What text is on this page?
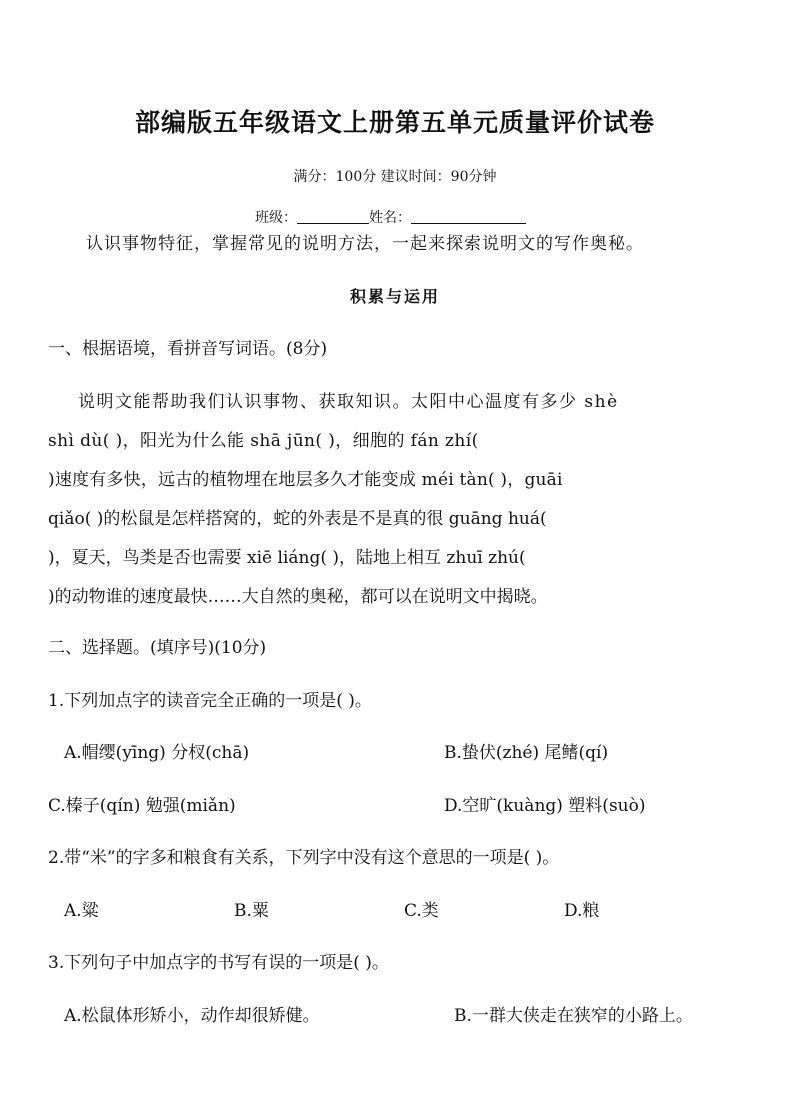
部编版五年级语文上册第五单元质量评价试卷
满分：100分 建议时间：90分钟
班级：	姓名：
认识事物特征，掌握常见的说明方法，一起来探索说明文的写作奥秘。
积累与运用
一、根据语境，看拼音写词语。(8分)
说明文能帮助我们认识事物、获取知识。太阳中心温度有多少 shè
shì dù( )，阳光为什么能 shā jūn( )，细胞的 fán zhí(
)速度有多快，远古的植物埋在地层多久才能变成 méi tàn( )，guāi
qiǎo( )的松鼠是怎样搭窝的，蛇的外表是不是真的很 guāng huá(
)，夏天，鸟类是否也需要 xiē liáng( )，陆地上相互 zhuī zhú(
)的动物谁的速度最快……大自然的奥秘，都可以在说明文中揭晓。
二、选择题。(填序号)(10分)
1.下列加点字的读音完全正确的一项是( )。
A.帽缨(yīng) 分杈(chā)	B.蛰伏(zhé) 尾鳍(qí)
C.榛子(qín) 勉强(miǎn)	D.空旷(kuàng) 塑料(suò)
2.带“米”的字多和粮食有关系，下列字中没有这个意思的一项是( )。
A.粱	B.粟	C.类	D.粮
3.下列句子中加点字的书写有误的一项是( )。
A.松鼠体形矫小，动作却很矫健。	B.一群大侠走在狭窄的小路上。
